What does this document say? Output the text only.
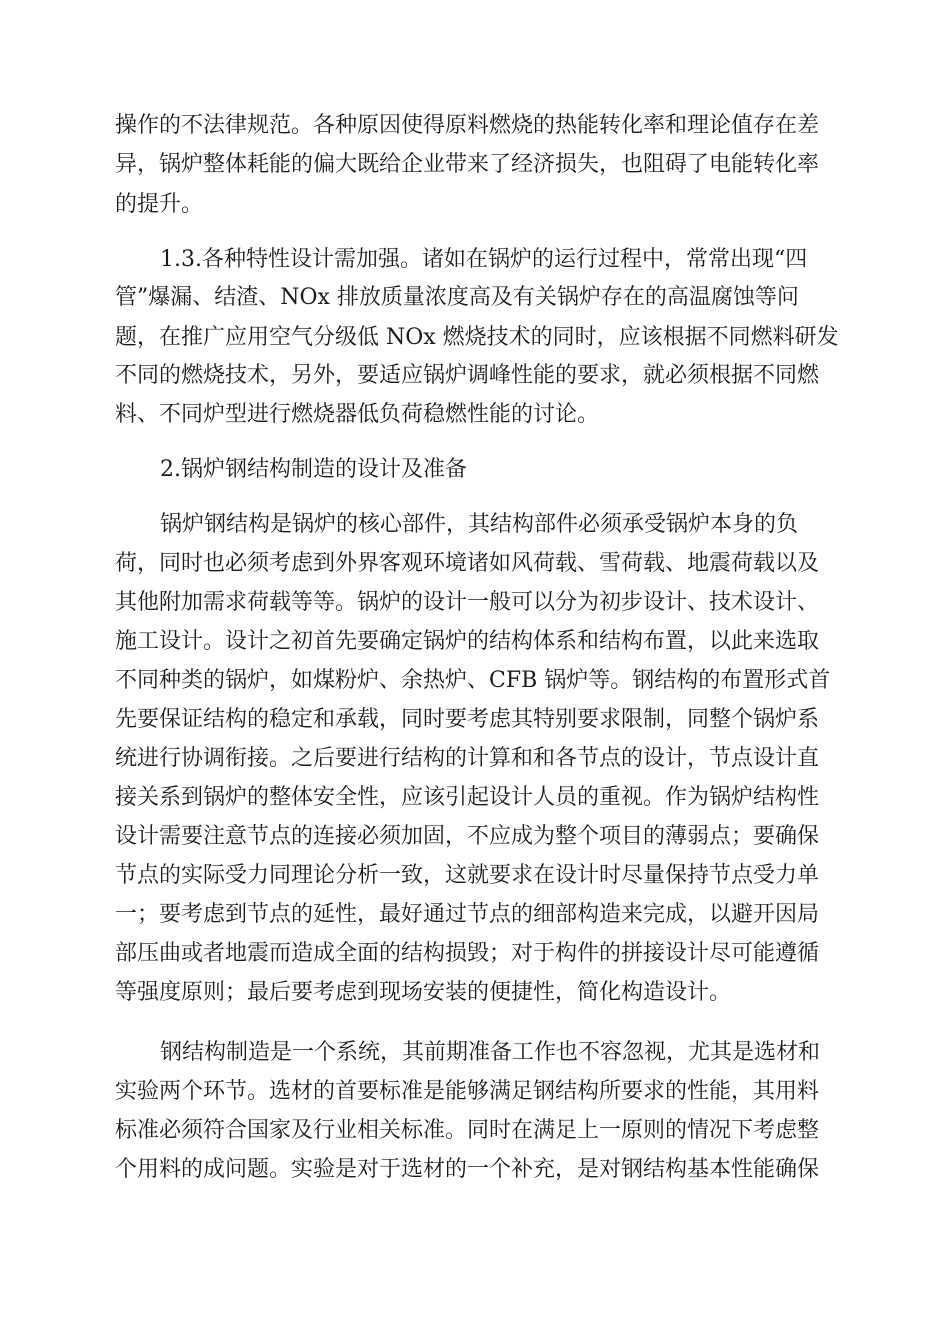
操作的不法律规范。各种原因使得原料燃烧的热能转化率和理论值存在差

异，锅炉整体耗能的偏大既给企业带来了经济损失，也阻碍了电能转化率

的提升。

1.3.各种特性设计需加强。诸如在锅炉的运行过程中，常常出现“四

管”爆漏、结渣、NOx 排放质量浓度高及有关锅炉存在的高温腐蚀等问

题，在推广应用空气分级低 NOx 燃烧技术的同时，应该根据不同燃料研发

不同的燃烧技术，另外，要适应锅炉调峰性能的要求，就必须根据不同燃

料、不同炉型进行燃烧器低负荷稳燃性能的讨论。

2.锅炉钢结构制造的设计及准备

锅炉钢结构是锅炉的核心部件，其结构部件必须承受锅炉本身的负

荷，同时也必须考虑到外界客观环境诸如风荷载、雪荷载、地震荷载以及

其他附加需求荷载等等。锅炉的设计一般可以分为初步设计、技术设计、

施工设计。设计之初首先要确定锅炉的结构体系和结构布置，以此来选取

不同种类的锅炉，如煤粉炉、余热炉、CFB 锅炉等。钢结构的布置形式首

先要保证结构的稳定和承载，同时要考虑其特别要求限制，同整个锅炉系

统进行协调衔接。之后要进行结构的计算和和各节点的设计，节点设计直

接关系到锅炉的整体安全性，应该引起设计人员的重视。作为锅炉结构性

设计需要注意节点的连接必须加固，不应成为整个项目的薄弱点；要确保

节点的实际受力同理论分析一致，这就要求在设计时尽量保持节点受力单

一；要考虑到节点的延性，最好通过节点的细部构造来完成，以避开因局

部压曲或者地震而造成全面的结构损毁；对于构件的拼接设计尽可能遵循

等强度原则；最后要考虑到现场安装的便捷性，简化构造设计。

钢结构制造是一个系统，其前期准备工作也不容忽视，尤其是选材和

实验两个环节。选材的首要标准是能够满足钢结构所要求的性能，其用料

标准必须符合国家及行业相关标准。同时在满足上一原则的情况下考虑整

个用料的成问题。实验是对于选材的一个补充，是对钢结构基本性能确保
